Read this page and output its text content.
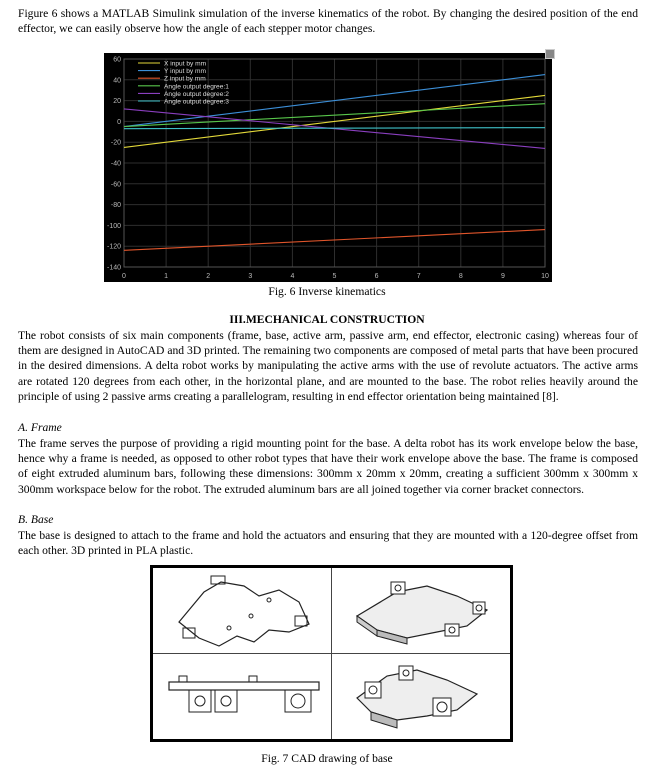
Figure 6 shows a MATLAB Simulink simulation of the inverse kinematics of the robot. By changing the desired position of the end effector, we can easily observe how the angle of each stepper motor changes.

0	1	2	3	4	5	6	7	8	9	10
60
40
20
0
-20
-40
-60
-80
-100
-120
-140
X input by mm
Y input by mm
Z input by mm
Angle output degree:1
Angle output degree:2
Angle output degree:3
Fig. 6 Inverse kinematics
III.MECHANICAL CONSTRUCTION

The robot consists of six main components (frame, base, active arm, passive arm, end effector, electronic casing) whereas four of them are designed in AutoCAD and 3D printed. The remaining two components are composed of metal parts that have been procured in the desired dimensions. A delta robot works by manipulating the active arms with the use of revolute actuators. The active arms are rotated 120 degrees from each other, in the horizontal plane, and are mounted to the base. The robot relies heavily around the principle of using 2 passive arms creating a parallelogram, resulting in end effector orientation being maintained [8].

A. Frame

The frame serves the purpose of providing a rigid mounting point for the base. A delta robot has its work envelope below the base, hence why a frame is needed, as opposed to other robot types that have their work envelope above the base. The frame is composed of eight extruded aluminum bars, following these dimensions: 300mm x 20mm x 20mm, creating a sufficient 300mm x 300mm x 300mm workspace below for the robot. The extruded aluminum bars are all joined together via corner bracket connectors.

B. Base

The base is designed to attach to the frame and hold the actuators and ensuring that they are mounted with a 120-degree offset from each other. 3D printed in PLA plastic.

Fig. 7 CAD drawing of base
